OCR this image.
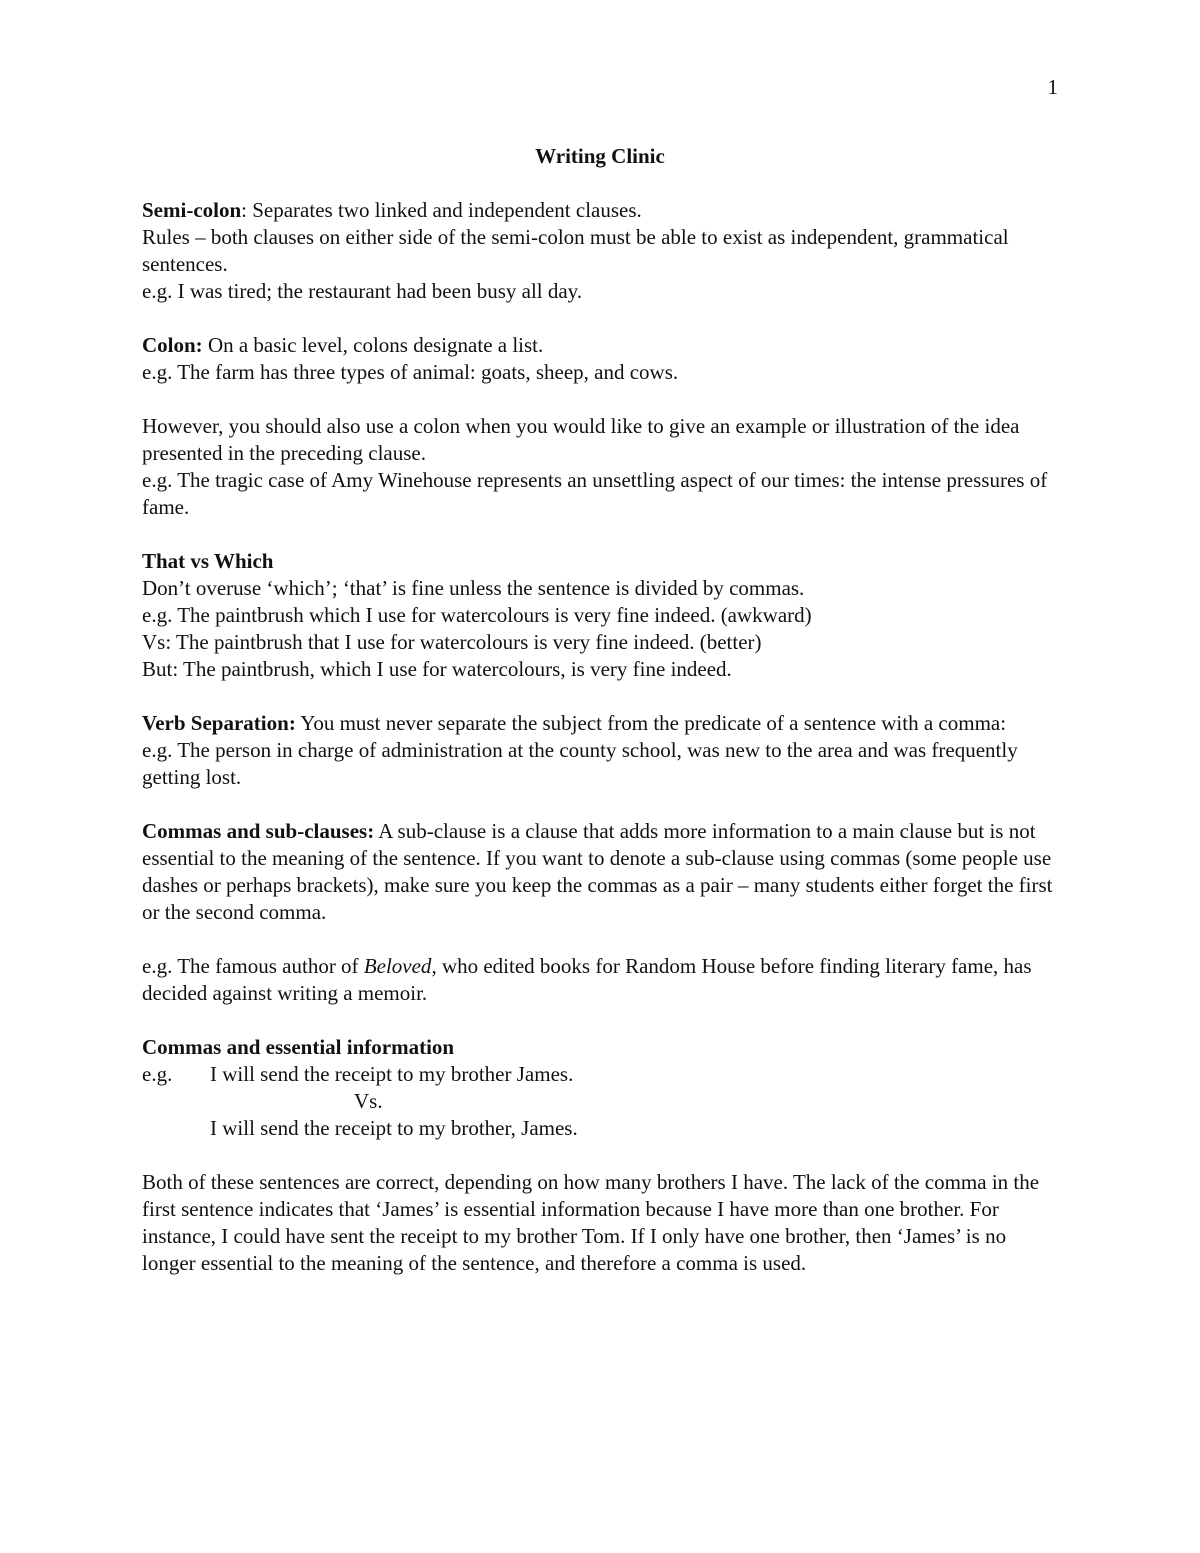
1

Writing Clinic

Semi-colon: Separates two linked and independent clauses.

Rules – both clauses on either side of the semi-colon must be able to exist as independent, grammatical sentences.

e.g. I was tired; the restaurant had been busy all day.

Colon: On a basic level, colons designate a list.

e.g. The farm has three types of animal: goats, sheep, and cows.

However, you should also use a colon when you would like to give an example or illustration of the idea presented in the preceding clause.

e.g. The tragic case of Amy Winehouse represents an unsettling aspect of our times: the intense pressures of fame.

That vs Which

Don’t overuse ‘which’; ‘that’ is fine unless the sentence is divided by commas.

e.g. The paintbrush which I use for watercolours is very fine indeed. (awkward)

Vs: The paintbrush that I use for watercolours is very fine indeed. (better)

But: The paintbrush, which I use for watercolours, is very fine indeed.

Verb Separation: You must never separate the subject from the predicate of a sentence with a comma:

e.g. The person in charge of administration at the county school, was new to the area and was frequently getting lost.

Commas and sub-clauses: A sub-clause is a clause that adds more information to a main clause but is not essential to the meaning of the sentence. If you want to denote a sub-clause using commas (some people use dashes or perhaps brackets), make sure you keep the commas as a pair – many students either forget the first or the second comma.

e.g. The famous author of Beloved, who edited books for Random House before finding literary fame, has decided against writing a memoir.

Commas and essential information

e.g.	I will send the receipt to my brother James.
Vs.
I will send the receipt to my brother, James.

Both of these sentences are correct, depending on how many brothers I have. The lack of the comma in the first sentence indicates that ‘James’ is essential information because I have more than one brother. For instance, I could have sent the receipt to my brother Tom. If I only have one brother, then ‘James’ is no longer essential to the meaning of the sentence, and therefore a comma is used.
